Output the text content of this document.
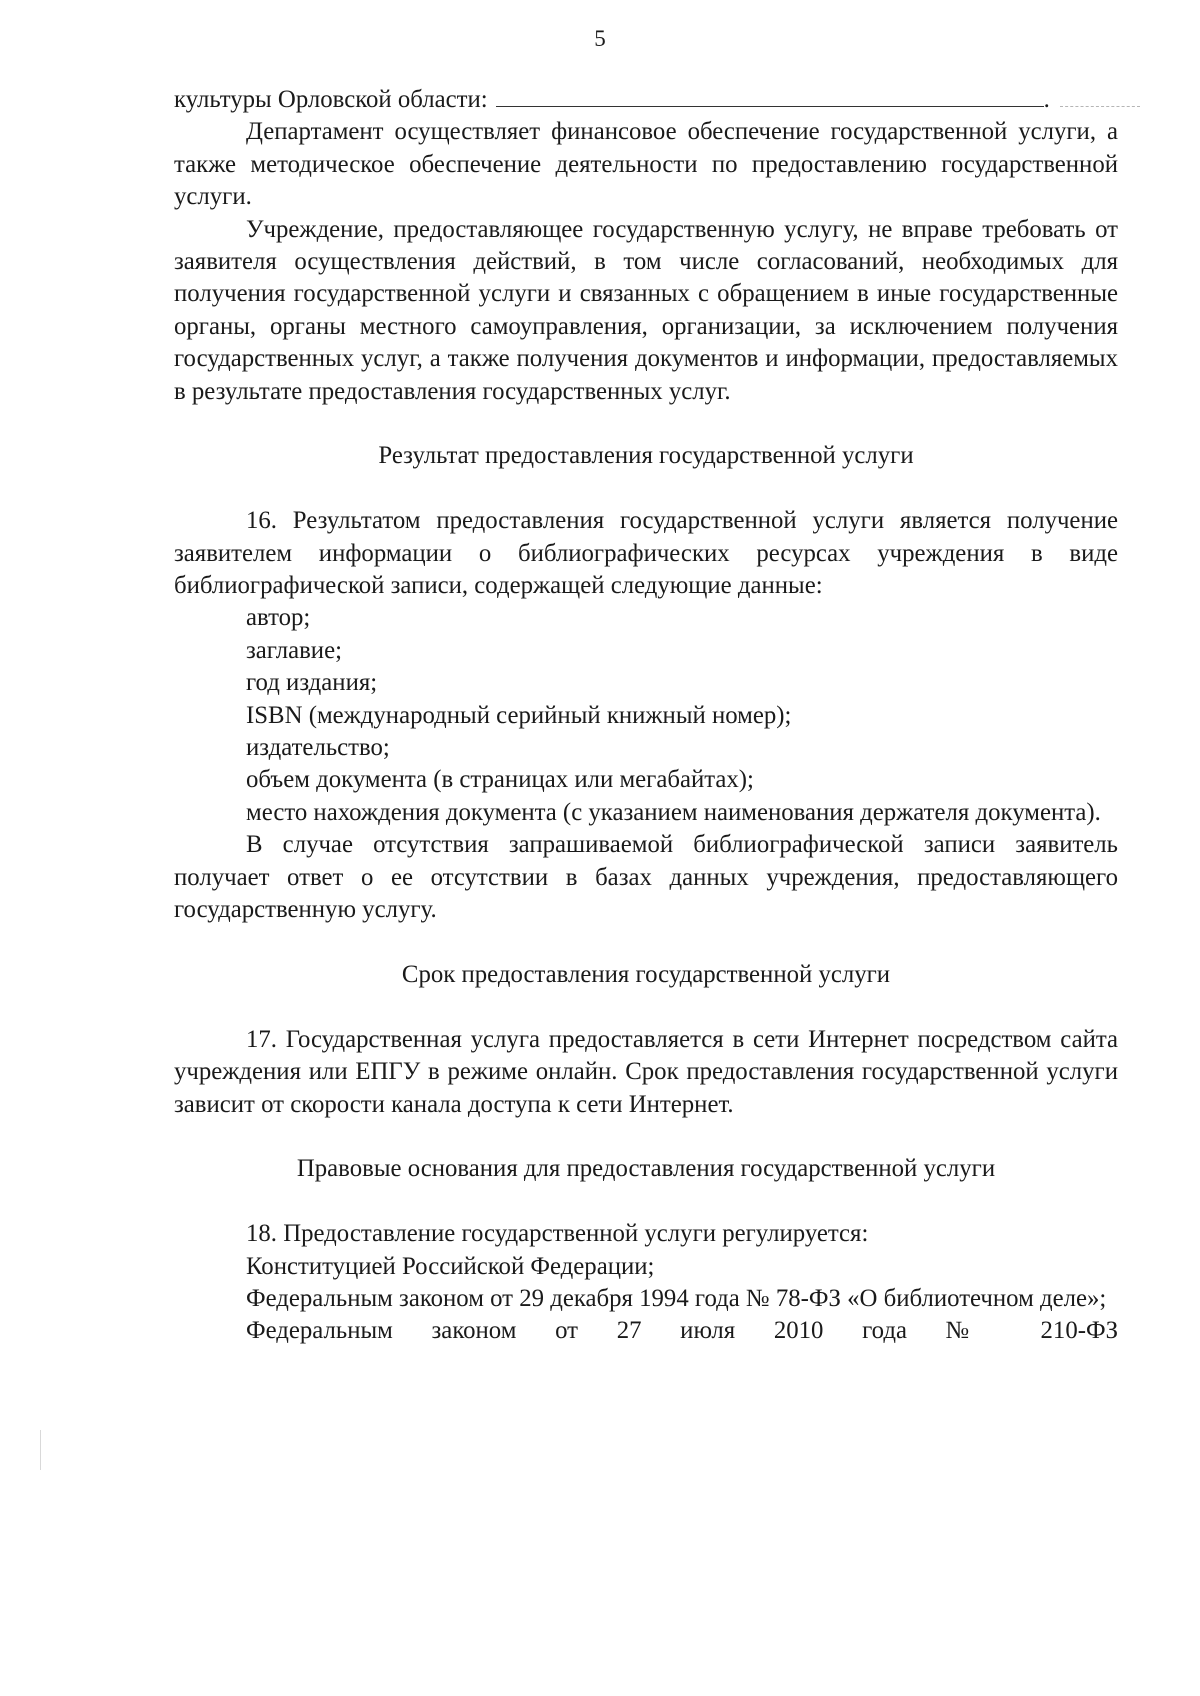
5
культуры Орловской области:	.

Департамент осуществляет финансовое обеспечение государственной услуги, а также методическое обеспечение деятельности по предоставлению государственной услуги.

Учреждение, предоставляющее государственную услугу, не вправе требовать от заявителя осуществления действий, в том числе согласований, необходимых для получения государственной услуги и связанных с обращением в иные государственные органы, органы местного самоуправления, организации, за исключением получения государственных услуг, а также получения документов и информации, предоставляемых в результате предоставления государственных услуг.

Результат предоставления государственной услуги

16. Результатом предоставления государственной услуги является получение заявителем информации о библиографических ресурсах учреждения в виде библиографической записи, содержащей следующие данные:

автор;

заглавие;

год издания;

ISBN (международный серийный книжный номер);

издательство;

объем документа (в страницах или мегабайтах);

место нахождения документа (с указанием наименования держателя документа).

В случае отсутствия запрашиваемой библиографической записи заявитель получает ответ о ее отсутствии в базах данных учреждения, предоставляющего государственную услугу.

Срок предоставления государственной услуги

17. Государственная услуга предоставляется в сети Интернет посредством сайта учреждения или ЕПГУ в режиме онлайн. Срок предоставления государственной услуги зависит от скорости канала доступа к сети Интернет.

Правовые основания для предоставления государственной услуги

18. Предоставление государственной услуги регулируется:

Конституцией Российской Федерации;

Федеральным законом от 29 декабря 1994 года № 78-ФЗ «О библиотечном деле»;

Федеральным законом от 27 июля 2010 года № 210-ФЗ
